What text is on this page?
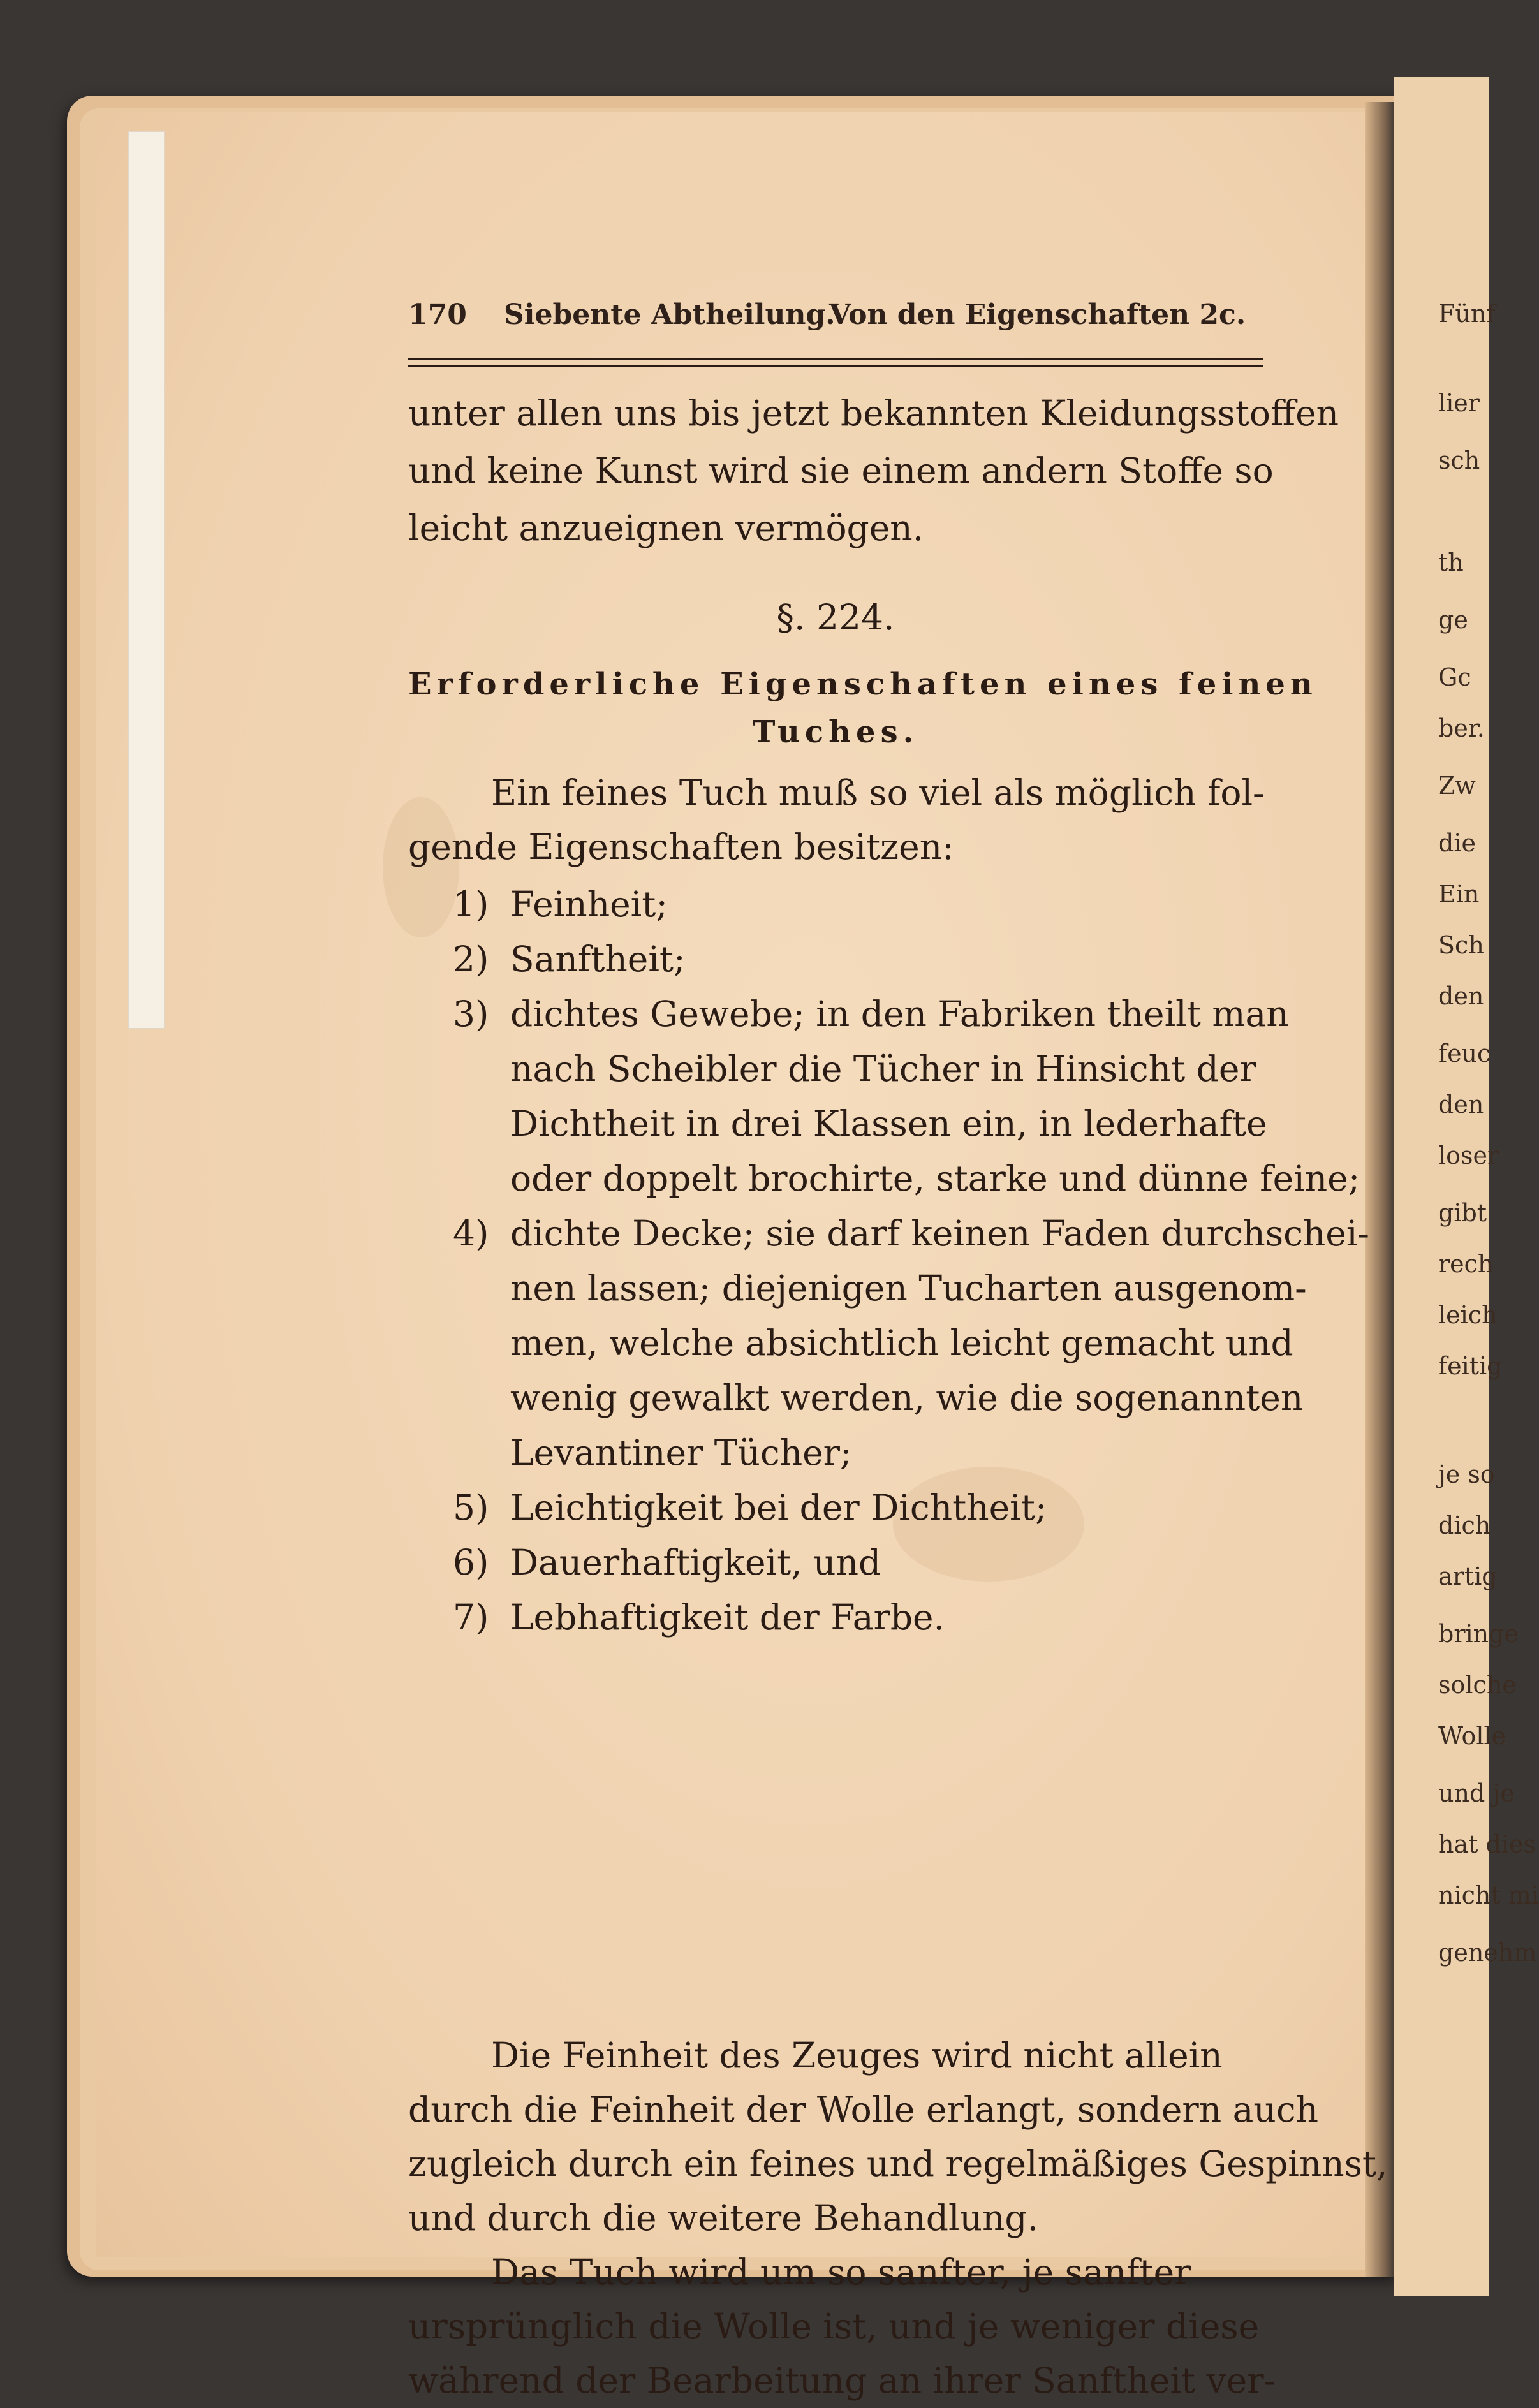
Fünf
lier
sch
th
ge
Gc
ber.
Zw
die
Ein
Sch
den
feuc
den
loser
gibt
rech
leich
feitig
je so
dich
artig
bringe
solche
Wolle
und je
hat dies
nicht mi
genehm
170 Siebente Abtheilung.
Von den Eigenschaften 2c.
unter allen uns bis jetzt bekannten Kleidungsstoffen
und keine Kunst wird sie einem andern Stoffe so
leicht anzueignen vermögen.
§. 224.
Erforderliche Eigenschaften eines feinen
Tuches.
Ein feines Tuch muß so viel als möglich fol-
gende Eigenschaften besitzen:
1) Feinheit;
2) Sanftheit;
3) dichtes Gewebe; in den Fabriken theilt man
nach Scheibler die Tücher in Hinsicht der
Dichtheit in drei Klassen ein, in lederhafte
oder doppelt brochirte, starke und dünne feine;
4) dichte Decke; sie darf keinen Faden durchschei-
nen lassen; diejenigen Tucharten ausgenom-
men, welche absichtlich leicht gemacht und
wenig gewalkt werden, wie die sogenannten
Levantiner Tücher;
5) Leichtigkeit bei der Dichtheit;
6) Dauerhaftigkeit, und
7) Lebhaftigkeit der Farbe.
Die Feinheit des Zeuges wird nicht allein
durch die Feinheit der Wolle erlangt, sondern auch
zugleich durch ein feines und regelmäßiges Gespinnst,
und durch die weitere Behandlung.
Das Tuch wird um so sanfter, je sanfter
ursprünglich die Wolle ist, und je weniger diese
während der Bearbeitung an ihrer Sanftheit ver-
